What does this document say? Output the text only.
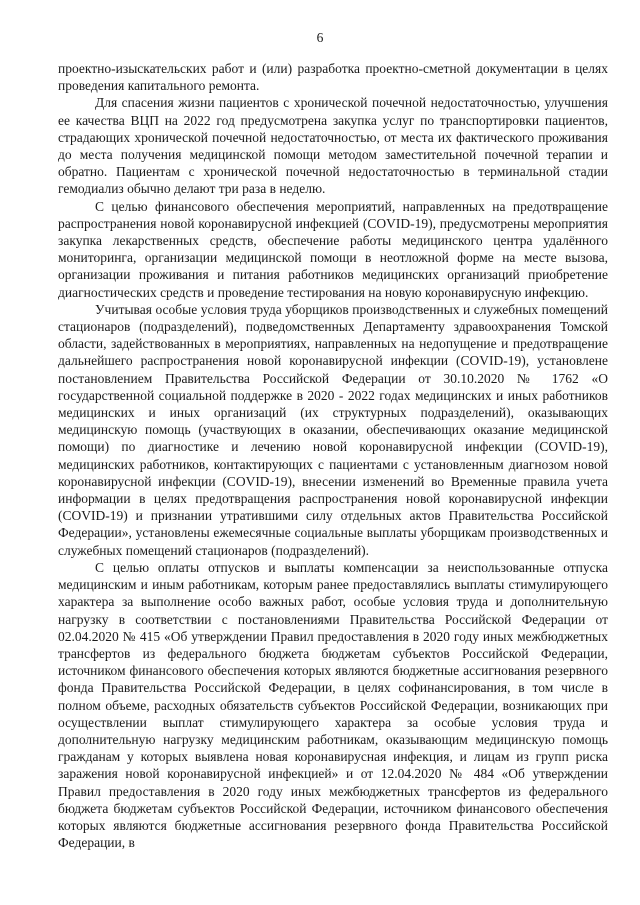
6

проектно-изыскательских работ и (или) разработка проектно-сметной документации в целях проведения капитального ремонта.

Для спасения жизни пациентов с хронической почечной недостаточностью, улучшения ее качества ВЦП на 2022 год предусмотрена закупка услуг по транспортировки пациентов, страдающих хронической почечной недостаточностью, от места их фактического проживания до места получения медицинской помощи методом заместительной почечной терапии и обратно. Пациентам с хронической почечной недостаточностью в терминальной стадии гемодиализ обычно делают три раза в неделю.

С целью финансового обеспечения мероприятий, направленных на предотвращение распространения новой коронавирусной инфекцией (COVID-19), предусмотрены мероприятия закупка лекарственных средств, обеспечение работы медицинского центра удалённого мониторинга, организации медицинской помощи в неотложной форме на месте вызова, организации проживания и питания работников медицинских организаций приобретение диагностических средств и проведение тестирования на новую коронавирусную инфекцию.

Учитывая особые условия труда уборщиков производственных и служебных помещений стационаров (подразделений), подведомственных Департаменту здравоохранения Томской области, задействованных в мероприятиях, направленных на недопущение и предотвращение дальнейшего распространения новой коронавирусной инфекции (COVID-19), установлене постановлением Правительства Российской Федерации от 30.10.2020 № 1762 «О государственной социальной поддержке в 2020 - 2022 годах медицинских и иных работников медицинских и иных организаций (их структурных подразделений), оказывающих медицинскую помощь (участвующих в оказании, обеспечивающих оказание медицинской помощи) по диагностике и лечению новой коронавирусной инфекции (COVID-19), медицинских работников, контактирующих с пациентами с установленным диагнозом новой коронавирусной инфекции (COVID-19), внесении изменений во Временные правила учета информации в целях предотвращения распространения новой коронавирусной инфекции (COVID-19) и признании утратившими силу отдельных актов Правительства Российской Федерации», установлены ежемесячные социальные выплаты уборщикам производственных и служебных помещений стационаров (подразделений).

С целью оплаты отпусков и выплаты компенсации за неиспользованные отпуска медицинским и иным работникам, которым ранее предоставлялись выплаты стимулирующего характера за выполнение особо важных работ, особые условия труда и дополнительную нагрузку в соответствии с постановлениями Правительства Российской Федерации от 02.04.2020 № 415 «Об утверждении Правил предоставления в 2020 году иных межбюджетных трансфертов из федерального бюджета бюджетам субъектов Российской Федерации, источником финансового обеспечения которых являются бюджетные ассигнования резервного фонда Правительства Российской Федерации, в целях софинансирования, в том числе в полном объеме, расходных обязательств субъектов Российской Федерации, возникающих при осуществлении выплат стимулирующего характера за особые условия труда и дополнительную нагрузку медицинским работникам, оказывающим медицинскую помощь гражданам у которых выявлена новая коронавирусная инфекция, и лицам из групп риска заражения новой коронавирусной инфекцией» и от 12.04.2020 № 484 «Об утверждении Правил предоставления в 2020 году иных межбюджетных трансфертов из федерального бюджета бюджетам субъектов Российской Федерации, источником финансового обеспечения которых являются бюджетные ассигнования резервного фонда Правительства Российской Федерации, в
